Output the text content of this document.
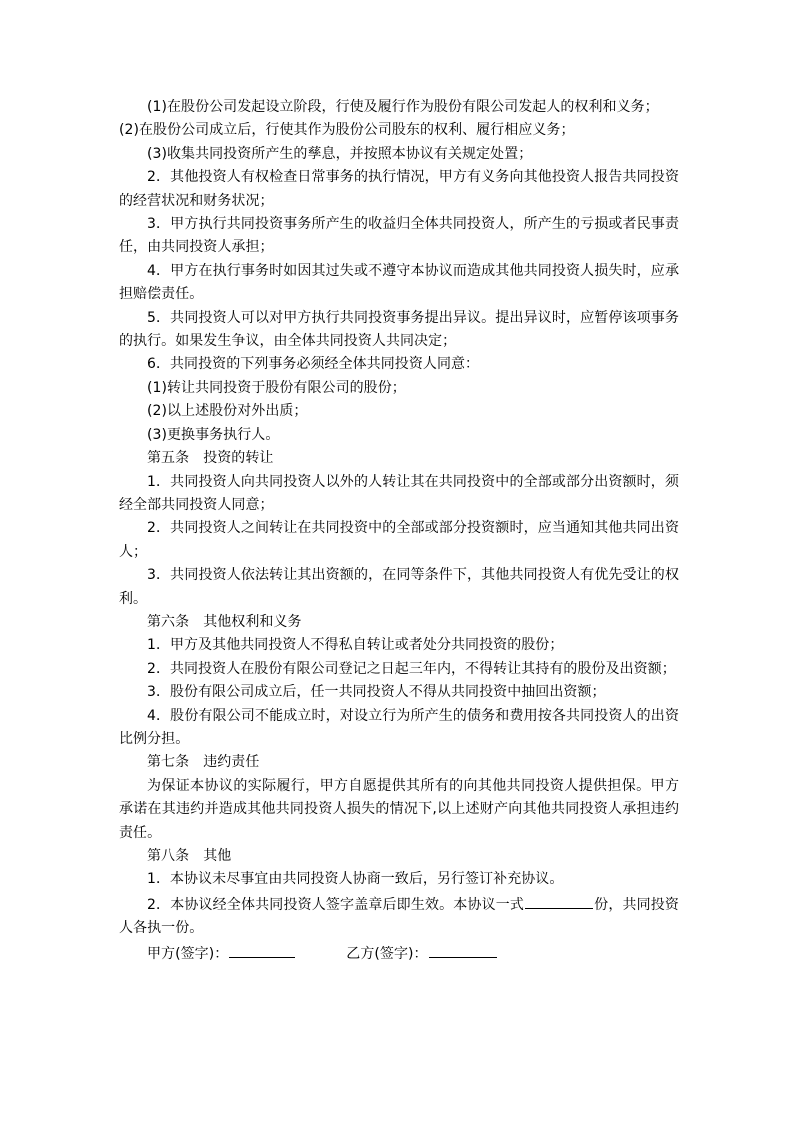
(1)在股份公司发起设立阶段，行使及履行作为股份有限公司发起人的权利和义务；

(2)在股份公司成立后，行使其作为股份公司股东的权利、履行相应义务；

(3)收集共同投资所产生的孳息，并按照本协议有关规定处置；

2．其他投资人有权检查日常事务的执行情况，甲方有义务向其他投资人报告共同投资的经营状况和财务状况；

3．甲方执行共同投资事务所产生的收益归全体共同投资人，所产生的亏损或者民事责任，由共同投资人承担；

4．甲方在执行事务时如因其过失或不遵守本协议而造成其他共同投资人损失时，应承担赔偿责任。

5．共同投资人可以对甲方执行共同投资事务提出异议。提出异议时，应暂停该项事务的执行。如果发生争议，由全体共同投资人共同决定；

6．共同投资的下列事务必须经全体共同投资人同意：

(1)转让共同投资于股份有限公司的股份；

(2)以上述股份对外出质；

(3)更换事务执行人。

第五条　投资的转让

1．共同投资人向共同投资人以外的人转让其在共同投资中的全部或部分出资额时，须经全部共同投资人同意；

2．共同投资人之间转让在共同投资中的全部或部分投资额时，应当通知其他共同出资人；

3．共同投资人依法转让其出资额的，在同等条件下，其他共同投资人有优先受让的权利。

第六条　其他权利和义务

1．甲方及其他共同投资人不得私自转让或者处分共同投资的股份；

2．共同投资人在股份有限公司登记之日起三年内，不得转让其持有的股份及出资额；

3．股份有限公司成立后，任一共同投资人不得从共同投资中抽回出资额；

4．股份有限公司不能成立时，对设立行为所产生的债务和费用按各共同投资人的出资比例分担。

第七条　违约责任

为保证本协议的实际履行，甲方自愿提供其所有的向其他共同投资人提供担保。甲方承诺在其违约并造成其他共同投资人损失的情况下,以上述财产向其他共同投资人承担违约责任。

第八条　其他

1．本协议未尽事宜由共同投资人协商一致后，另行签订补充协议。

2．本协议经全体共同投资人签字盖章后即生效。本协议一式	份，共同投资人各执一份。

甲方(签字)：	乙方(签字)：
